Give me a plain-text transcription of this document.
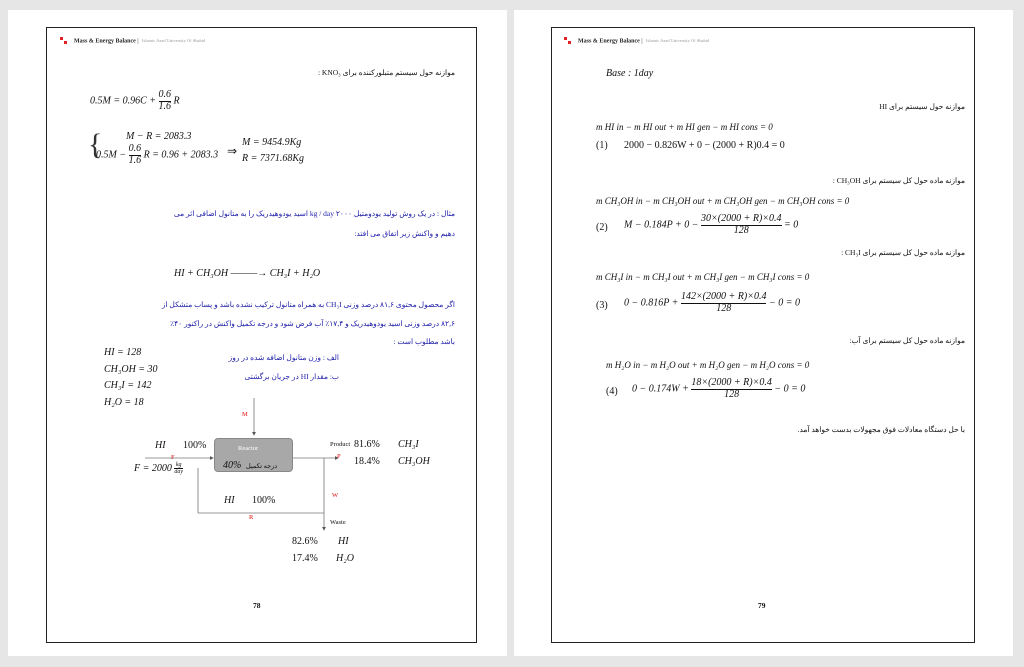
Mass & Energy Balance | Islamic Azad University Of Shahid
موازنه حول سیستم متبلورکننده برای KNO₃ :
$0.5M = 0.96C + \frac{0.6}{1.6}$ R
{ M − R = 2083.3
$0.5M - \frac{0.6}{1.6}$ R = 0.96 + 2083.3 ⇒
M = 9454.9Kg
R = 7371.68Kg
مثال : در یک روش تولید یودومتیل ۲۰۰۰ kg / day اسید یودوهیدریک را به متانول اضافی اثر می
دهیم و واکنش زیر اتفاق می افتد:
HI + CH₃OH ———→ CH₃I + H₂O
اگر محصول محتوی ۸۱,۶ درصد وزنی CH₃I به همراه متانول ترکیب نشده باشد و پساب متشکل از
۸۲,۶ درصد وزنی اسید یودوهیدریک و ۱۷,۴٪ آب فرض شود و درجه تکمیل واکنش در راکتور ۴۰٪
باشد مطلوب است :
HI = 128
CH₃OH = 30
CH₃I = 142
H₂O = 18
الف : وزن متانول اضافه شده در روز
ب: مقدار HI در جریان برگشتی
M
Reactor
40% درجه تکمیل
HI 100%
F
$F = 2000 \frac{kg}{\text{day}}$
Product 81.6% CH₃I
P 18.4% CH₃OH
W
HI 100%
R
Waste
82.6% HI
17.4% H₂O
78
Mass & Energy Balance | Islamic Azad University Of Shahid
Base : 1day
موازنه حول سیستم برای HI
m HI in − m HI out + m HI gen − m HI cons = 0
(1) 2000 − 0.826W + 0 − (2000 + R)0.4 = 0
موازنه ماده حول کل سیستم برای CH₃OH :
m CH₃OH in − m CH₃OH out + m CH₃OH gen − m CH₃OH cons = 0
(2) $M - 0.184P + 0 - \frac{30\times(2000 + R)\times 0.4}{128} = 0$
موازنه ماده حول کل سیستم برای CH₃I :
m CH₃I in − m CH₃I out + m CH₃I gen − m CH₃I cons = 0
(3) $0 - 0.816P + \frac{142\times(2000 + R)\times 0.4}{128} - 0 = 0$
موازنه ماده حول کل سیستم برای آب:
m H₂O in − m H₂O out + m H₂O gen − m H₂O cons = 0
(4) $0 - 0.174W + \frac{18\times(2000 + R)\times 0.4}{128} - 0 = 0$
با حل دستگاه معادلات فوق مجهولات بدست خواهد آمد.
79
